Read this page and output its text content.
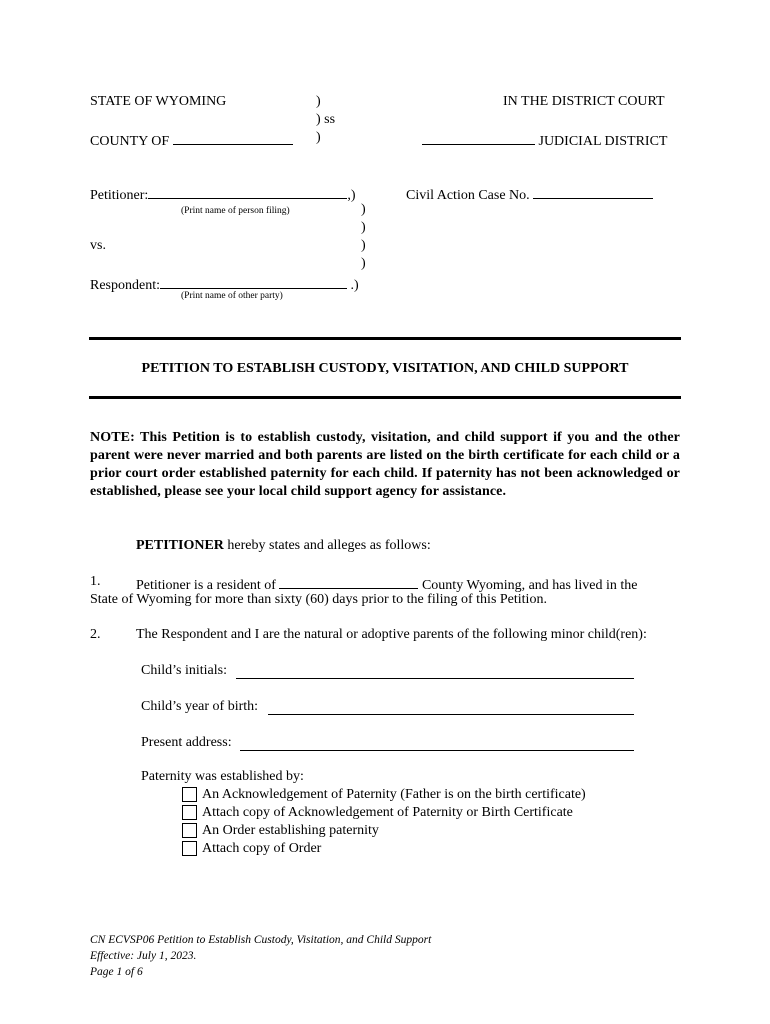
STATE OF WYOMING	)
) ss
)
IN THE DISTRICT COURT
COUNTY OF	JUDICIAL DISTRICT
Petitioner:	,)
(Print name of person filing)
Civil Action Case No.
)
)
)
)
vs.
Respondent:	.)
(Print name of other party)
PETITION TO ESTABLISH CUSTODY, VISITATION, AND CHILD SUPPORT
NOTE: This Petition is to establish custody, visitation, and child support if you and the other parent were never married and both parents are listed on the birth certificate for each child or a prior court order established paternity for each child. If paternity has not been acknowledged or established, please see your local child support agency for assistance.
PETITIONER hereby states and alleges as follows:
1.	Petitioner is a resident of	County Wyoming, and has lived in the
State of Wyoming for more than sixty (60) days prior to the filing of this Petition.
2.	The Respondent and I are the natural or adoptive parents of the following minor child(ren):
Child’s initials:
Child’s year of birth:
Present address:
Paternity was established by:
An Acknowledgement of Paternity (Father is on the birth certificate)
Attach copy of Acknowledgement of Paternity or Birth Certificate
An Order establishing paternity
Attach copy of Order
CN ECVSP06 Petition to Establish Custody, Visitation, and Child Support
Effective: July 1, 2023.
Page 1 of 6
